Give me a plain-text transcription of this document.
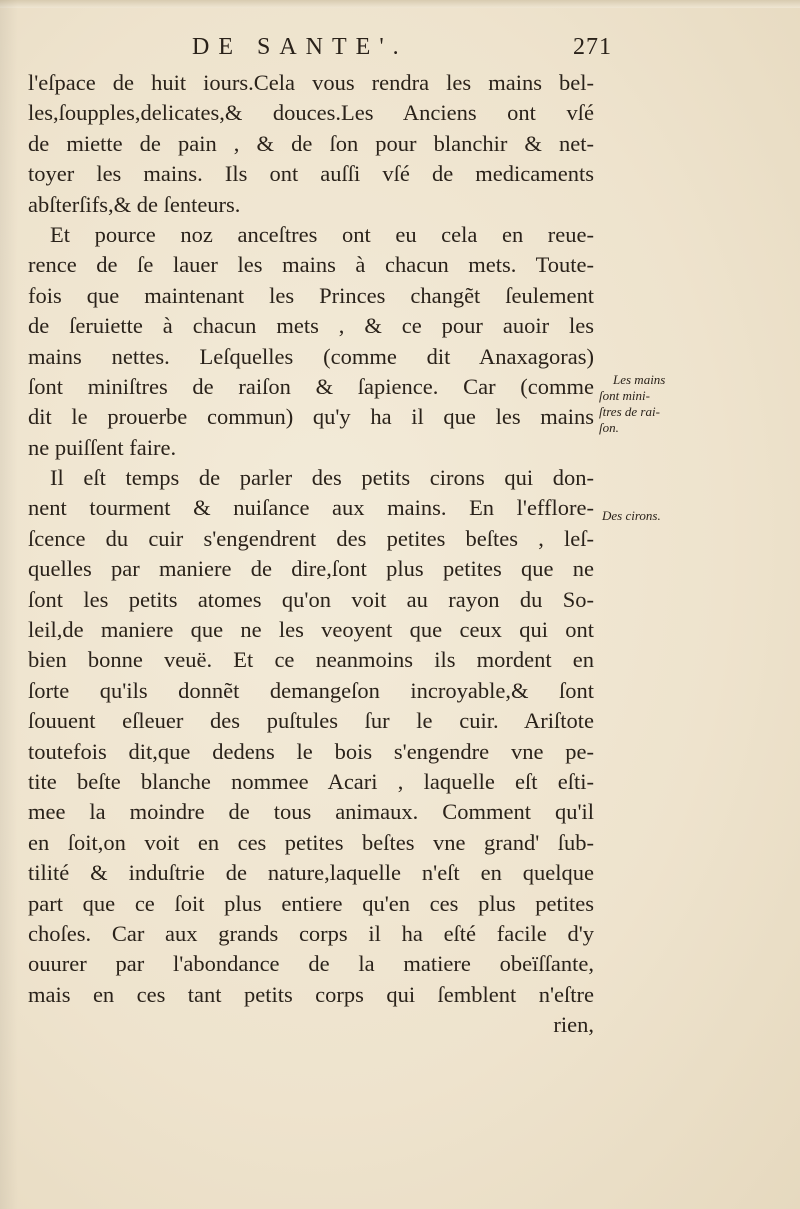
DE SANTE'.	271
l'eſpace de huit iours.Cela vous rendra les mains bel-
les,ſoupples,delicates,& douces.Les Anciens ont vſé
de miette de pain , & de ſon pour blanchir & net-
toyer les mains. Ils ont auſſi vſé de medicaments
abſterſifs,& de ſenteurs.
Et pource noz anceſtres ont eu cela en reue-
rence de ſe lauer les mains à chacun mets. Toute-
fois que maintenant les Princes changẽt ſeulement
de ſeruiette à chacun mets , & ce pour auoir les
mains nettes. Leſquelles (comme dit Anaxagoras)
ſont miniſtres de raiſon & ſapience. Car (comme
dit le prouerbe commun) qu'y ha il que les mains
ne puiſſent faire.
Il eſt temps de parler des petits cirons qui don-
nent tourment & nuiſance aux mains. En l'efflore-
ſcence du cuir s'engendrent des petites beſtes , leſ-
quelles par maniere de dire,ſont plus petites que ne
ſont les petits atomes qu'on voit au rayon du So-
leil,de maniere que ne les veoyent que ceux qui ont
bien bonne veuë. Et ce neanmoins ils mordent en
ſorte qu'ils donnẽt demangeſon incroyable,& ſont
ſouuent eſleuer des puſtules ſur le cuir. Ariſtote
toutefois dit,que dedens le bois s'engendre vne pe-
tite beſte blanche nommee Acari , laquelle eſt eſti-
mee la moindre de tous animaux. Comment qu'il
en ſoit,on voit en ces petites beſtes vne grand' ſub-
tilité & induſtrie de nature,laquelle n'eſt en quelque
part que ce ſoit plus entiere qu'en ces plus petites
choſes. Car aux grands corps il ha eſté facile d'y
ouurer par l'abondance de la matiere obeïſſante,
mais en ces tant petits corps qui ſemblent n'eſtre
rien,
Les mains
ſont mini-
ſtres de rai-
ſon.
Des cirons.
